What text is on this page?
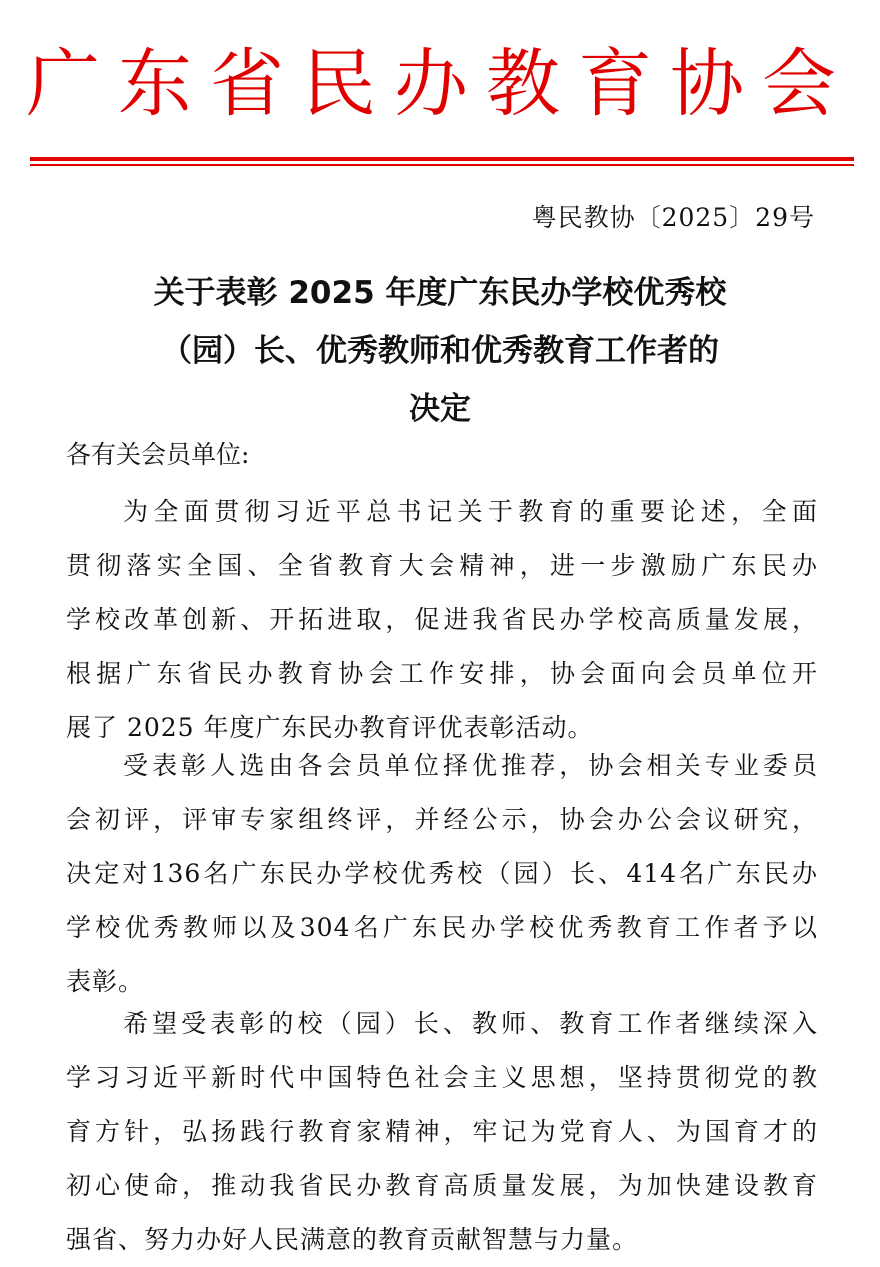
广东省民办教育协会
粤民教协〔2025〕29号
关于表彰 2025 年度广东民办学校优秀校
（园）长、优秀教师和优秀教育工作者的
决定
各有关会员单位:
为全面贯彻习近平总书记关于教育的重要论述，全面
贯彻落实全国、全省教育大会精神，进一步激励广东民办
学校改革创新、开拓进取，促进我省民办学校高质量发展，
根据广东省民办教育协会工作安排，协会面向会员单位开
展了 2025 年度广东民办教育评优表彰活动。
受表彰人选由各会员单位择优推荐，协会相关专业委员
会初评，评审专家组终评，并经公示，协会办公会议研究，
决定对136名广东民办学校优秀校（园）长、414名广东民办
学校优秀教师以及304名广东民办学校优秀教育工作者予以
表彰。
希望受表彰的校（园）长、教师、教育工作者继续深入
学习习近平新时代中国特色社会主义思想，坚持贯彻党的教
育方针，弘扬践行教育家精神，牢记为党育人、为国育才的
初心使命，推动我省民办教育高质量发展，为加快建设教育
强省、努力办好人民满意的教育贡献智慧与力量。
